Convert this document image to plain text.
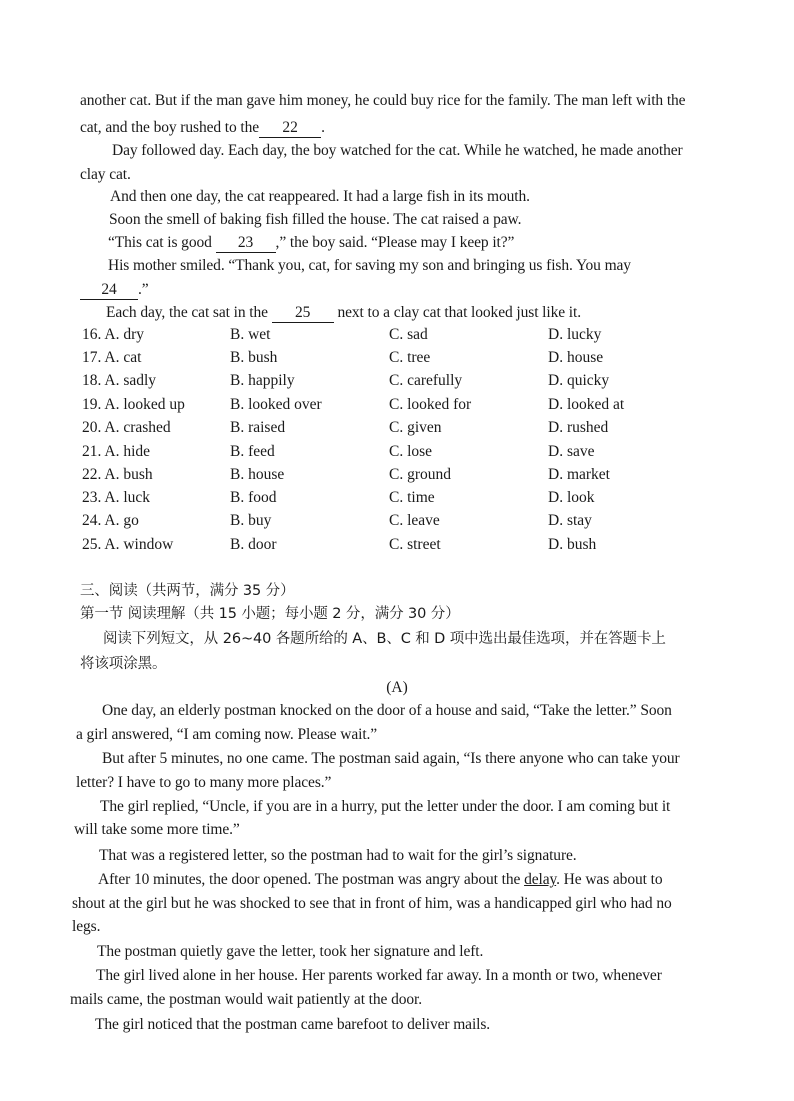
another cat. But if the man gave him money, he could buy rice for the family. The man left with the
cat, and the boy rushed to the 22 .
Day followed day. Each day, the boy watched for the cat. While he watched, he made another
clay cat.
And then one day, the cat reappeared. It had a large fish in its mouth.
Soon the smell of baking fish filled the house. The cat raised a paw.
“This cat is good 23 ,” the boy said. “Please may I keep it?”
His mother smiled. “Thank you, cat, for saving my son and bringing us fish. You may
24 .”
Each day, the cat sat in the 25 next to a clay cat that looked just like it.
16. A. dry	B. wet	C. sad	D. lucky
17. A. cat	B. bush	C. tree	D. house
18. A. sadly	B. happily	C. carefully	D. quicky
19. A. looked up	B. looked over	C. looked for	D. looked at
20. A. crashed	B. raised	C. given	D. rushed
21. A. hide	B. feed	C. lose	D. save
22. A. bush	B. house	C. ground	D. market
23. A. luck	B. food	C. time	D. look
24. A. go	B. buy	C. leave	D. stay
25. A. window	B. door	C. street	D. bush
三、阅读（共两节，满分 35 分）
第一节 阅读理解（共 15 小题；每小题 2 分，满分 30 分）
阅读下列短文，从 26~40 各题所给的 A、B、C 和 D 项中选出最佳选项，并在答题卡上
将该项涂黑。
(A)
One day, an elderly postman knocked on the door of a house and said, “Take the letter.” Soon
a girl answered, “I am coming now. Please wait.”
But after 5 minutes, no one came. The postman said again, “Is there anyone who can take your
letter? I have to go to many more places.”
The girl replied, “Uncle, if you are in a hurry, put the letter under the door. I am coming but it
will take some more time.”
That was a registered letter, so the postman had to wait for the girl’s signature.
After 10 minutes, the door opened. The postman was angry about the delay. He was about to
shout at the girl but he was shocked to see that in front of him, was a handicapped girl who had no
legs.
The postman quietly gave the letter, took her signature and left.
The girl lived alone in her house. Her parents worked far away. In a month or two, whenever
mails came, the postman would wait patiently at the door.
The girl noticed that the postman came barefoot to deliver mails.
